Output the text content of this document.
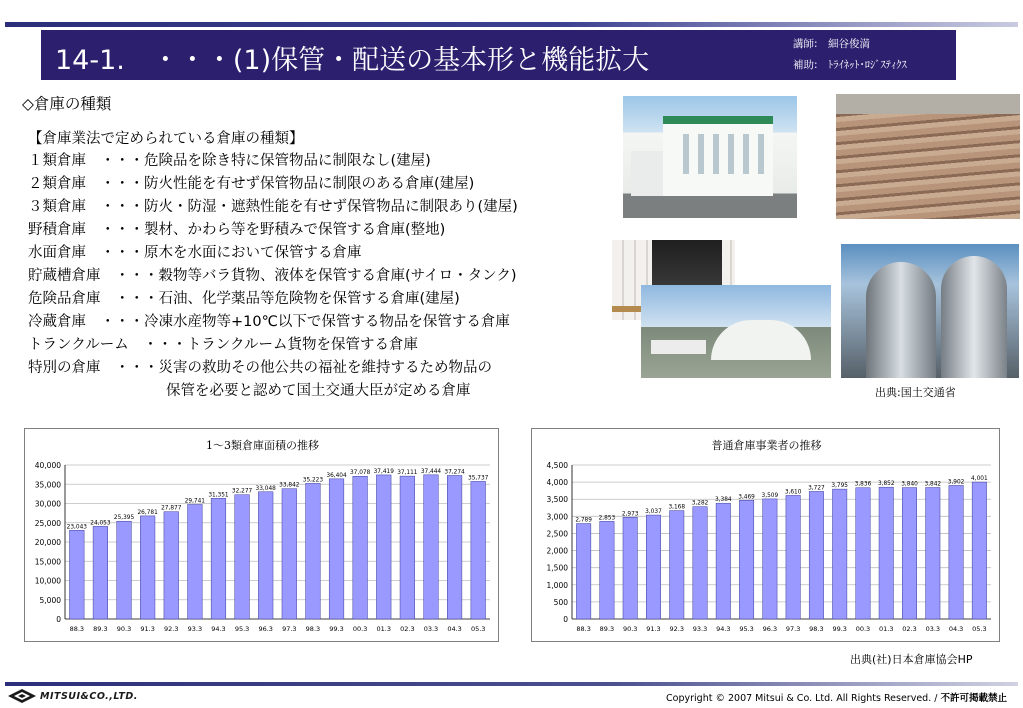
14-1.　・・・(1)保管・配送の基本形と機能拡大
講師: 細谷俊満
補助: ﾄﾗｲﾈｯﾄ･ﾛｼﾞｽﾃｨｸｽ
◇倉庫の種類
【倉庫業法で定められている倉庫の種類】
１類倉庫　・・・危険品を除き特に保管物品に制限なし(建屋)
２類倉庫　・・・防火性能を有せず保管物品に制限のある倉庫(建屋)
３類倉庫　・・・防火・防湿・遮熱性能を有せず保管物品に制限あり(建屋)
野積倉庫　・・・製材、かわら等を野積みで保管する倉庫(整地)
水面倉庫　・・・原木を水面において保管する倉庫
貯蔵槽倉庫　・・・穀物等バラ貨物、液体を保管する倉庫(サイロ・タンク)
危険品倉庫　・・・石油、化学薬品等危険物を保管する倉庫(建屋)
冷蔵倉庫　・・・冷凍水産物等+10℃以下で保管する物品を保管する倉庫
トランクルーム　・・・トランクルーム貨物を保管する倉庫
特別の倉庫　・・・災害の救助その他公共の福祉を維持するため物品の
保管を必要と認めて国土交通大臣が定める倉庫	出典:国土交通省
1～3類倉庫面積の推移
0
5,000
10,000
15,000
20,000
25,000
30,000
35,000
40,000
23,043
88.3
24,053
89.3
25,395
90.3
26,781
91.3
27,877
92.3
29,741
93.3
31,351
94.3
32,277
95.3
33,048
96.3
33,842
97.3
35,223
98.3
36,404
99.3
37,078
00.3
37,419
01.3
37,111
02.3
37,444
03.3
37,274
04.3
35,737
05.3
普通倉庫事業者の推移
0
500
1,000
1,500
2,000
2,500
3,000
3,500
4,000
4,500
2,789
88.3
2,853
89.3
2,973
90.3
3,037
91.3
3,168
92.3
3,282
93.3
3,384
94.3
3,469
95.3
3,509
96.3
3,610
97.3
3,727
98.3
3,795
99.3
3,836
00.3
3,852
01.3
3,840
02.3
3,842
03.3
3,902
04.3
4,001
05.3
出典(社)日本倉庫協会HP
MITSUI&CO.,LTD.	Copyright © 2007 Mitsui & Co. Ltd. All Rights Reserved. / 不許可掲載禁止
